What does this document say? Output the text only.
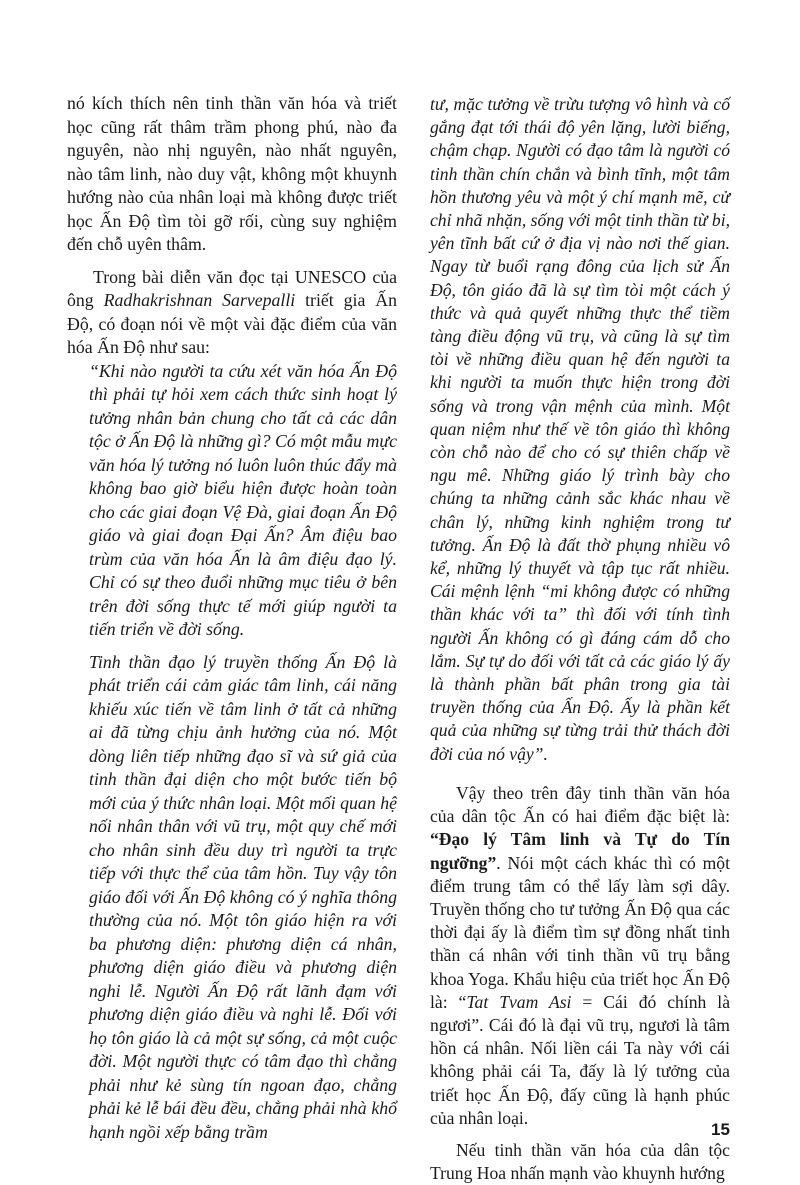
nó kích thích nên tinh thần văn hóa và triết học cũng rất thâm trầm phong phú, nào đa nguyên, nào nhị nguyên, nào nhất nguyên, nào tâm linh, nào duy vật, không một khuynh hướng nào của nhân loại mà không được triết học Ấn Độ tìm tòi gỡ rối, cùng suy nghiệm đến chỗ uyên thâm.

Trong bài diễn văn đọc tại UNESCO của ông Radhakrishnan Sarvepalli triết gia Ấn Độ, có đoạn nói về một vài đặc điểm của văn hóa Ấn Độ như sau:

“Khi nào người ta cứu xét văn hóa Ấn Độ thì phải tự hỏi xem cách thức sinh hoạt lý tưởng nhân bản chung cho tất cả các dân tộc ở Ấn Độ là những gì? Có một mẫu mực văn hóa lý tưởng nó luôn luôn thúc đẩy mà không bao giờ biểu hiện được hoàn toàn cho các giai đoạn Vệ Đà, giai đoạn Ấn Độ giáo và giai đoạn Đại Ấn? Âm điệu bao trùm của văn hóa Ấn là âm điệu đạo lý. Chỉ có sự theo đuổi những mục tiêu ở bên trên đời sống thực tế mới giúp người ta tiến triển về đời sống.

Tinh thần đạo lý truyền thống Ấn Độ là phát triển cái cảm giác tâm linh, cái năng khiếu xúc tiến về tâm linh ở tất cả những ai đã từng chịu ảnh hưởng của nó. Một dòng liên tiếp những đạo sĩ và sứ giả của tinh thần đại diện cho một bước tiến bộ mới của ý thức nhân loại. Một mối quan hệ nối nhân thân với vũ trụ, một quy chế mới cho nhân sinh đều duy trì người ta trực tiếp với thực thể của tâm hồn. Tuy vậy tôn giáo đối với Ấn Độ không có ý nghĩa thông thường của nó. Một tôn giáo hiện ra với ba phương diện: phương diện cá nhân, phương diện giáo điều và phương diện nghi lễ. Người Ấn Độ rất lãnh đạm với phương diện giáo điều và nghi lễ. Đối với họ tôn giáo là cả một sự sống, cả một cuộc đời. Một người thực có tâm đạo thì chẳng phải như kẻ sùng tín ngoan đạo, chẳng phải kẻ lễ bái đều đều, chẳng phải nhà khổ hạnh ngồi xếp bằng trầm

tư, mặc tưởng về trừu tượng vô hình và cố gắng đạt tới thái độ yên lặng, lười biếng, chậm chạp. Người có đạo tâm là người có tinh thần chín chắn và bình tĩnh, một tâm hồn thương yêu và một ý chí mạnh mẽ, cử chỉ nhã nhặn, sống với một tinh thần từ bi, yên tĩnh bất cứ ở địa vị nào nơi thế gian. Ngay từ buổi rạng đông của lịch sử Ấn Độ, tôn giáo đã là sự tìm tòi một cách ý thức và quả quyết những thực thể tiềm tàng điều động vũ trụ, và cũng là sự tìm tòi về những điều quan hệ đến người ta khi người ta muốn thực hiện trong đời sống và trong vận mệnh của mình. Một quan niệm như thế về tôn giáo thì không còn chỗ nào để cho có sự thiên chấp về ngu mê. Những giáo lý trình bày cho chúng ta những cảnh sắc khác nhau về chân lý, những kinh nghiệm trong tư tưởng. Ấn Độ là đất thờ phụng nhiều vô kể, những lý thuyết và tập tục rất nhiều. Cái mệnh lệnh “mi không được có những thần khác với ta” thì đối với tính tình người Ấn không có gì đáng cám dỗ cho lắm. Sự tự do đối với tất cả các giáo lý ấy là thành phần bất phân trong gia tài truyền thống của Ấn Độ. Ấy là phần kết quả của những sự từng trải thử thách đời đời của nó vậy”.

Vậy theo trên đây tinh thần văn hóa của dân tộc Ấn có hai điểm đặc biệt là: “Đạo lý Tâm linh và Tự do Tín ngưỡng”. Nói một cách khác thì có một điểm trung tâm có thể lấy làm sợi dây. Truyền thống cho tư tưởng Ấn Độ qua các thời đại ấy là điểm tìm sự đồng nhất tinh thần cá nhân với tinh thần vũ trụ bằng khoa Yoga. Khẩu hiệu của triết học Ấn Độ là: “Tat Tvam Asi = Cái đó chính là ngươi”. Cái đó là đại vũ trụ, ngươi là tâm hồn cá nhân. Nối liền cái Ta này với cái không phải cái Ta, đấy là lý tưởng của triết học Ấn Độ, đấy cũng là hạnh phúc của nhân loại.

Nếu tinh thần văn hóa của dân tộc Trung Hoa nhấn mạnh vào khuynh hướng

15
